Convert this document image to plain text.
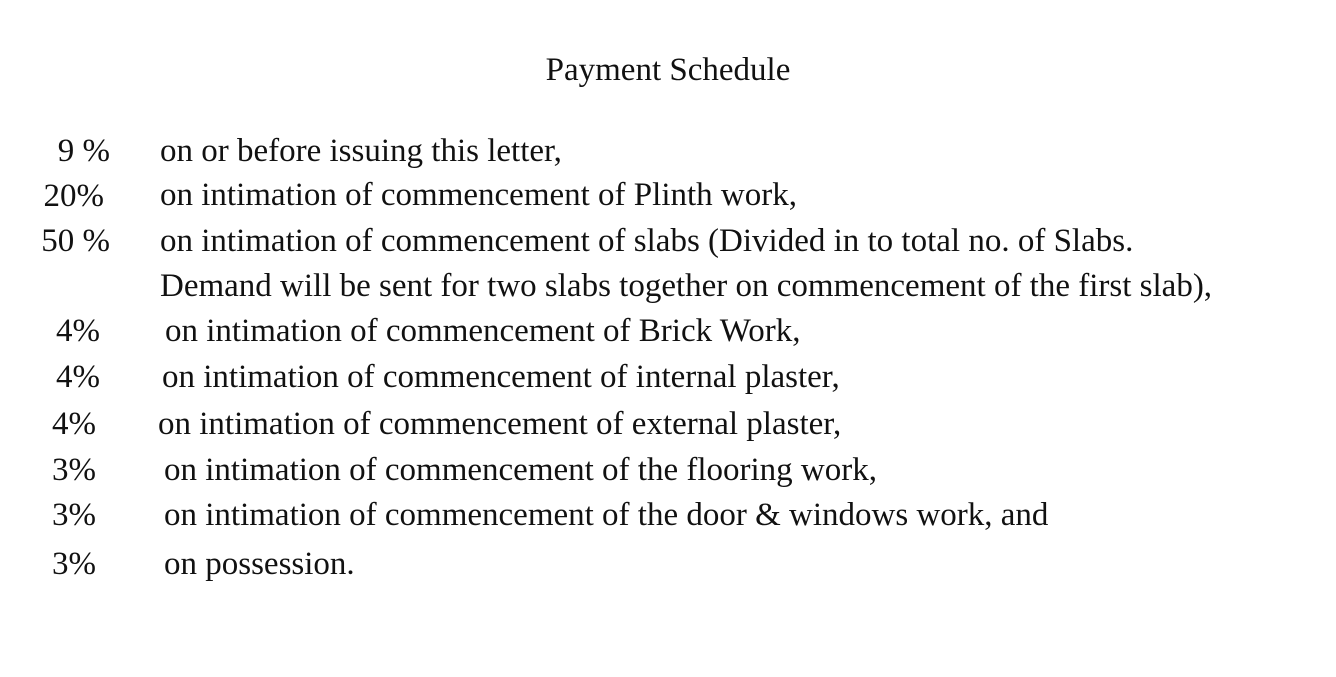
Payment Schedule
9 % on or before issuing this letter,
20% on intimation of commencement of Plinth work,
50 % on intimation of commencement of slabs (Divided in to total no. of Slabs.
Demand will be sent for two slabs together on commencement of the first slab),
4% on intimation of commencement of Brick Work,
4% on intimation of commencement of internal plaster,
4% on intimation of commencement of external plaster,
3% on intimation of commencement of the flooring work,
3% on intimation of commencement of the door & windows work, and
3% on possession.
